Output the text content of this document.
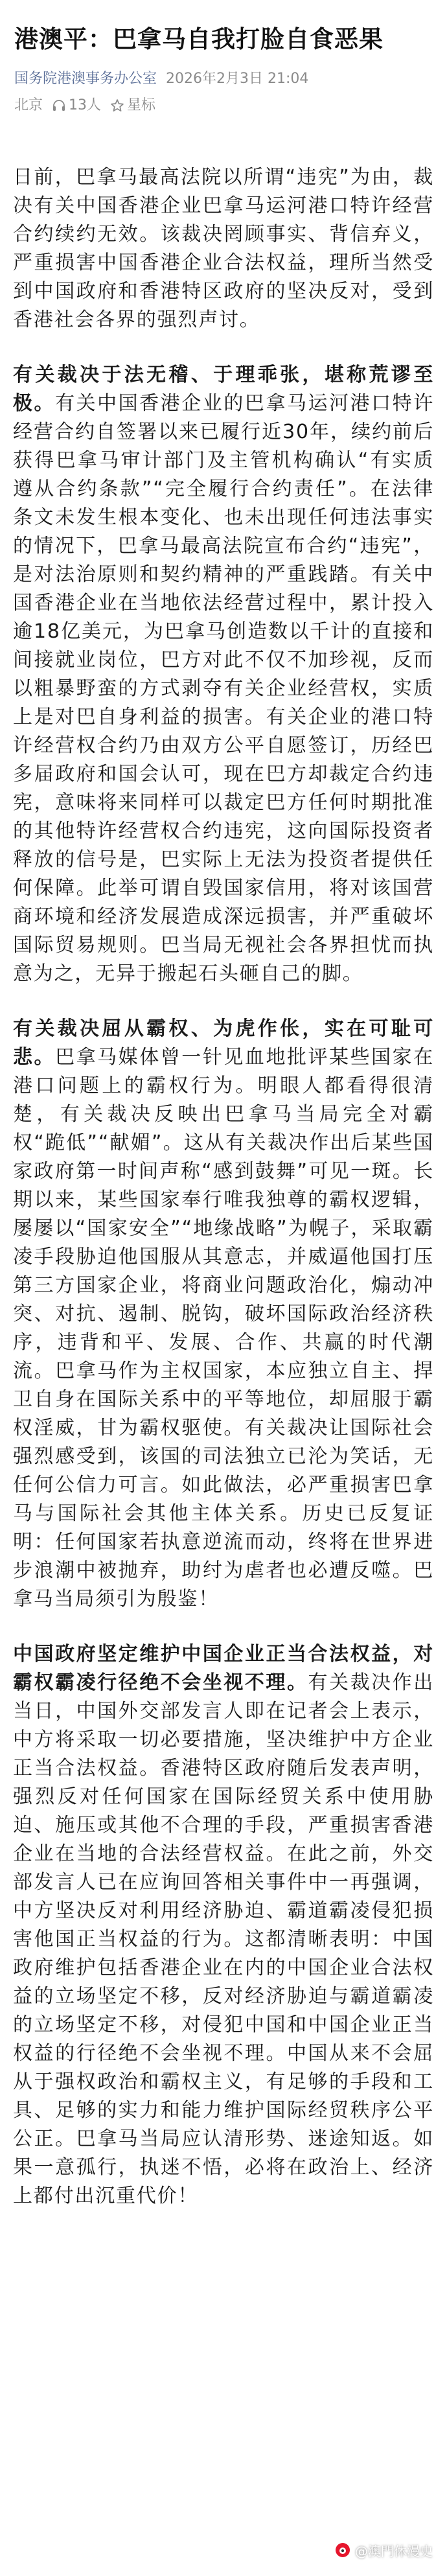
港澳平：巴拿马自我打脸自食恶果
国务院港澳事务办公室 2026年2月3日 21:04
北京 13人 星标

日前，巴拿马最高法院以所谓“违宪”为由，裁决有关中国香港企业巴拿马运河港口特许经营合约续约无效。该裁决罔顾事实、背信弃义，严重损害中国香港企业合法权益，理所当然受到中国政府和香港特区政府的坚决反对，受到香港社会各界的强烈声讨。

有关裁决于法无稽、于理乖张，堪称荒谬至极。有关中国香港企业的巴拿马运河港口特许经营合约自签署以来已履行近30年，续约前后获得巴拿马审计部门及主管机构确认“有实质遵从合约条款”“完全履行合约责任”。在法律条文未发生根本变化、也未出现任何违法事实的情况下，巴拿马最高法院宣布合约“违宪”，是对法治原则和契约精神的严重践踏。有关中国香港企业在当地依法经营过程中，累计投入逾18亿美元，为巴拿马创造数以千计的直接和间接就业岗位，巴方对此不仅不加珍视，反而以粗暴野蛮的方式剥夺有关企业经营权，实质上是对巴自身利益的损害。有关企业的港口特许经营权合约乃由双方公平自愿签订，历经巴多届政府和国会认可，现在巴方却裁定合约违宪，意味将来同样可以裁定巴方任何时期批准的其他特许经营权合约违宪，这向国际投资者释放的信号是，巴实际上无法为投资者提供任何保障。此举可谓自毁国家信用，将对该国营商环境和经济发展造成深远损害，并严重破坏国际贸易规则。巴当局无视社会各界担忧而执意为之，无异于搬起石头砸自己的脚。

有关裁决屈从霸权、为虎作伥，实在可耻可悲。巴拿马媒体曾一针见血地批评某些国家在港口问题上的霸权行为。明眼人都看得很清楚，有关裁决反映出巴拿马当局完全对霸权“跪低”“献媚”。这从有关裁决作出后某些国家政府第一时间声称“感到鼓舞”可见一斑。长期以来，某些国家奉行唯我独尊的霸权逻辑，屡屡以“国家安全”“地缘战略”为幌子，采取霸凌手段胁迫他国服从其意志，并威逼他国打压第三方国家企业，将商业问题政治化，煽动冲突、对抗、遏制、脱钩，破坏国际政治经济秩序，违背和平、发展、合作、共赢的时代潮流。巴拿马作为主权国家，本应独立自主、捍卫自身在国际关系中的平等地位，却屈服于霸权淫威，甘为霸权驱使。有关裁决让国际社会强烈感受到，该国的司法独立已沦为笑话，无任何公信力可言。如此做法，必严重损害巴拿马与国际社会其他主体关系。历史已反复证明：任何国家若执意逆流而动，终将在世界进步浪潮中被抛弃，助纣为虐者也必遭反噬。巴拿马当局须引为殷鉴！

中国政府坚定维护中国企业正当合法权益，对霸权霸凌行径绝不会坐视不理。有关裁决作出当日，中国外交部发言人即在记者会上表示，中方将采取一切必要措施，坚决维护中方企业正当合法权益。香港特区政府随后发表声明，强烈反对任何国家在国际经贸关系中使用胁迫、施压或其他不合理的手段，严重损害香港企业在当地的合法经营权益。在此之前，外交部发言人已在应询回答相关事件中一再强调，中方坚决反对利用经济胁迫、霸道霸凌侵犯损害他国正当权益的行为。这都清晰表明：中国政府维护包括香港企业在内的中国企业合法权益的立场坚定不移，反对经济胁迫与霸道霸凌的立场坚定不移，对侵犯中国和中国企业正当权益的行径绝不会坐视不理。中国从来不会屈从于强权政治和霸权主义，有足够的手段和工具、足够的实力和能力维护国际经贸秩序公平公正。巴拿马当局应认清形势、迷途知返。如果一意孤行，执迷不悟，必将在政治上、经济上都付出沉重代价！

@澳門休漫史
